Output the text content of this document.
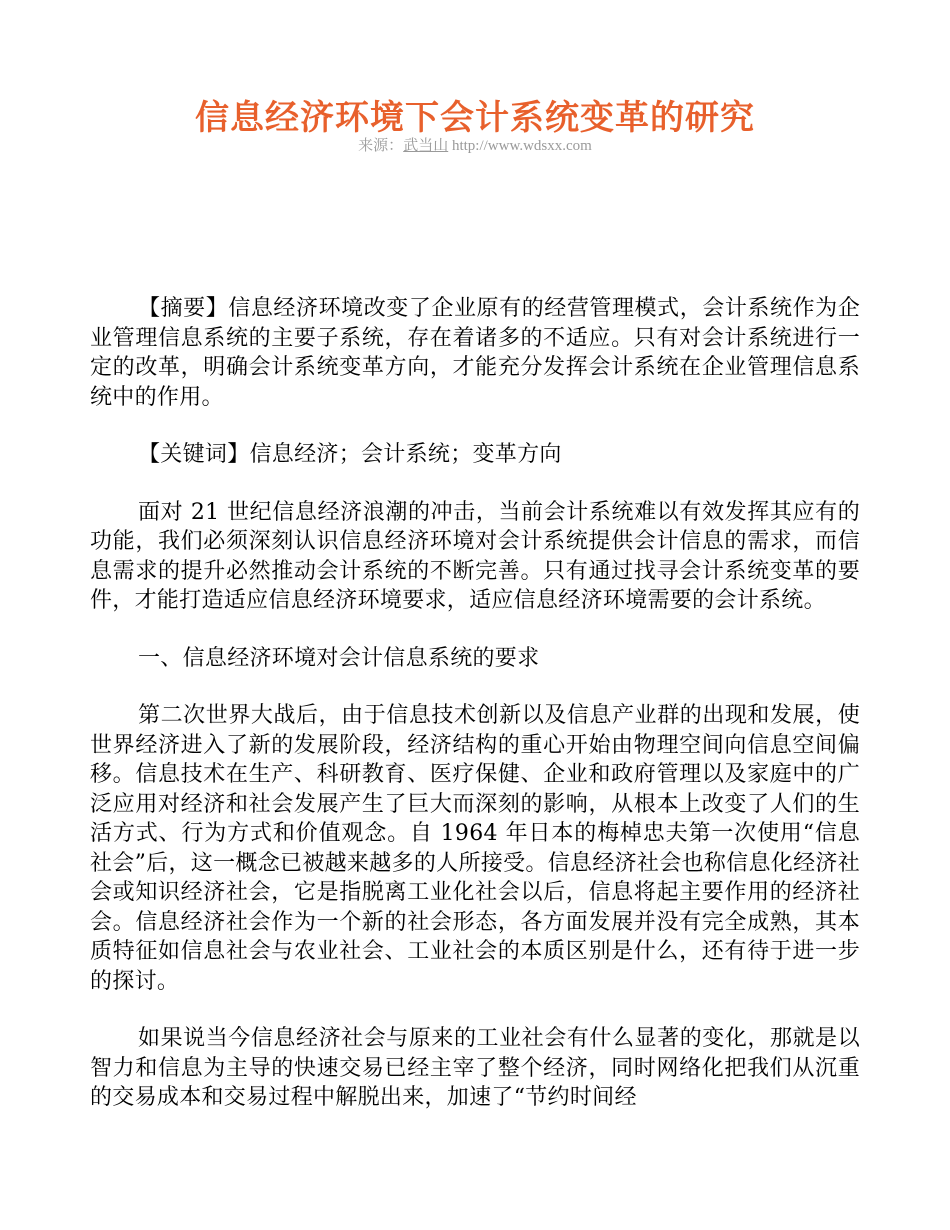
信息经济环境下会计系统变革的研究
来源：武当山 http://www.wdsxx.com

【摘要】信息经济环境改变了企业原有的经营管理模式，会计系统作为企业管理信息系统的主要子系统，存在着诸多的不适应。只有对会计系统进行一定的改革，明确会计系统变革方向，才能充分发挥会计系统在企业管理信息系统中的作用。

【关键词】信息经济；会计系统；变革方向

面对 21 世纪信息经济浪潮的冲击，当前会计系统难以有效发挥其应有的功能，我们必须深刻认识信息经济环境对会计系统提供会计信息的需求，而信息需求的提升必然推动会计系统的不断完善。只有通过找寻会计系统变革的要件，才能打造适应信息经济环境要求，适应信息经济环境需要的会计系统。

一、信息经济环境对会计信息系统的要求

第二次世界大战后，由于信息技术创新以及信息产业群的出现和发展，使世界经济进入了新的发展阶段，经济结构的重心开始由物理空间向信息空间偏移。信息技术在生产、科研教育、医疗保健、企业和政府管理以及家庭中的广泛应用对经济和社会发展产生了巨大而深刻的影响，从根本上改变了人们的生活方式、行为方式和价值观念。自 1964 年日本的梅棹忠夫第一次使用“信息社会”后，这一概念已被越来越多的人所接受。信息经济社会也称信息化经济社会或知识经济社会，它是指脱离工业化社会以后，信息将起主要作用的经济社会。信息经济社会作为一个新的社会形态，各方面发展并没有完全成熟，其本质特征如信息社会与农业社会、工业社会的本质区别是什么，还有待于进一步的探讨。

如果说当今信息经济社会与原来的工业社会有什么显著的变化，那就是以智力和信息为主导的快速交易已经主宰了整个经济，同时网络化把我们从沉重的交易成本和交易过程中解脱出来，加速了“节约时间经
